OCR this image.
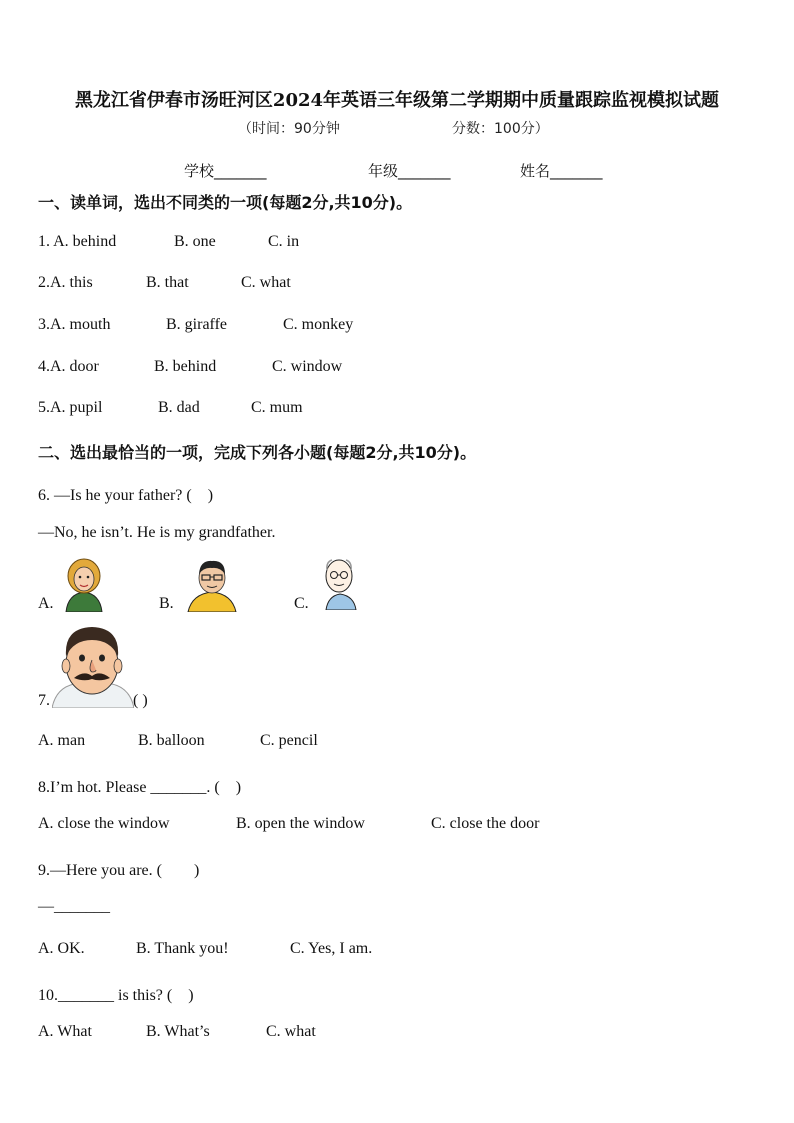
黑龙江省伊春市汤旺河区2024年英语三年级第二学期期中质量跟踪监视模拟试题
（时间：90分钟	分数：100分）
学校_______	年级_______	姓名_______
一、读单词，选出不同类的一项(每题2分,共10分)。
1. A. behind	B. one	C. in
2.A. this	B. that	C. what
3.A. mouth	B. giraffe	C. monkey
4.A. door	B. behind	C. window
5.A. pupil	B. dad	C. mum
二、选出最恰当的一项，完成下列各小题(每题2分,共10分)。
6. —Is he your father? (　)
—No, he isn’t. He is my grandfather.
A.	B.	C.
7.	( )
A. man	B. balloon	C. pencil
8.I’m hot. Please _______. (　)
A. close the window	B. open the window	C. close the door
9.—Here you are. (　　)
—_______
A. OK.	B. Thank you!	C. Yes, I am.
10._______ is this? (　)
A. What	B. What’s	C. what
